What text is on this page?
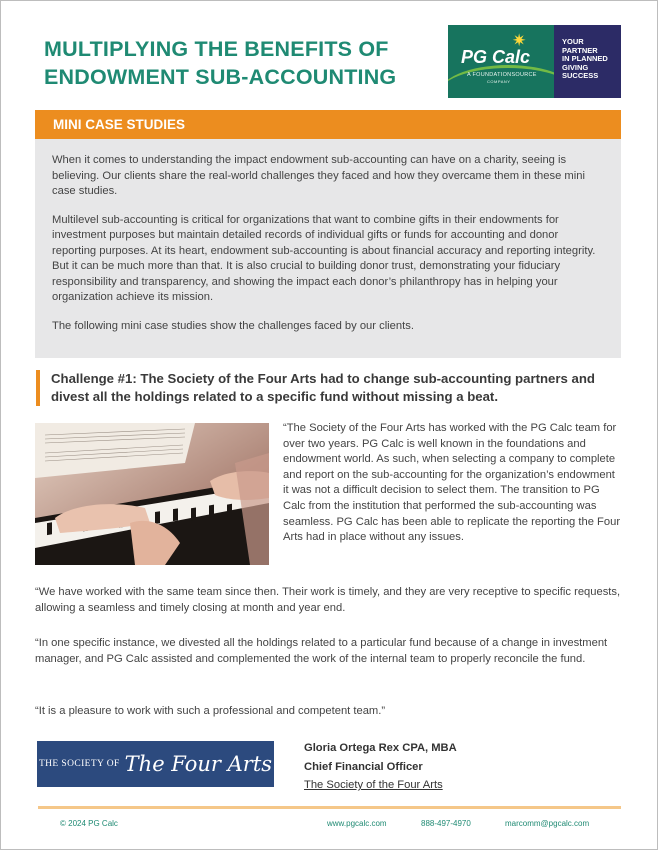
MULTIPLYING THE BENEFITS OF
ENDOWMENT SUB-ACCOUNTING
✷
PG Calc
A FOUNDATIONSOURCE
COMPANY
YOUR
PARTNER
IN PLANNED
GIVING
SUCCESS
MINI CASE STUDIES

When it comes to understanding the impact endowment sub-accounting can have on a charity, seeing is believing. Our clients share the real-world challenges they faced and how they overcame them in these mini case studies.

Multilevel sub-accounting is critical for organizations that want to combine gifts in their endowments for investment purposes but maintain detailed records of individual gifts or funds for accounting and donor reporting purposes. At its heart, endowment sub-accounting is about financial accuracy and reporting integrity. But it can be much more than that. It is also crucial to building donor trust, demonstrating your fiduciary responsibility and transparency, and showing the impact each donor’s philanthropy has in helping your organization achieve its mission.

The following mini case studies show the challenges faced by our clients.

Challenge #1: The Society of the Four Arts had to change sub-accounting partners and divest all the holdings related to a specific fund without missing a beat.
“The Society of the Four Arts has worked with the PG Calc team for over two years. PG Calc is well known in the foundations and endowment world. As such, when selecting a company to complete and report on the sub-accounting for the organization’s endowment it was not a difficult decision to select them. The transition to PG Calc from the institution that performed the sub-accounting was seamless. PG Calc has been able to replicate the reporting the Four Arts had in place without any issues.
“We have worked with the same team since then. Their work is timely, and they are very receptive to specific requests, allowing a seamless and timely closing at month and year end.
“In one specific instance, we divested all the holdings related to a particular fund because of a change in investment manager, and PG Calc assisted and complemented the work of the internal team to properly reconcile the fund.
“It is a pleasure to work with such a professional and competent team.”
THE SOCIETY OF The Four Arts
Gloria Ortega Rex CPA, MBA
Chief Financial Officer
The Society of the Four Arts
© 2024 PG Calc	www.pgcalc.com	888-497-4970	marcomm@pgcalc.com
